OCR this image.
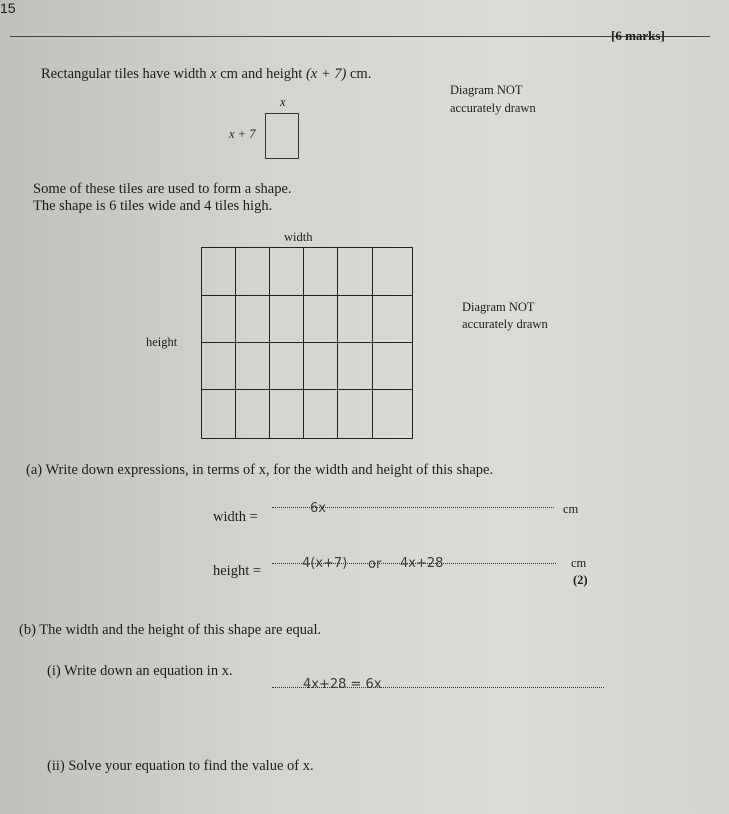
15
[6 marks]
Rectangular tiles have width x cm and height (x + 7) cm.
x
x + 7
Diagram NOT
accurately drawn
Some of these tiles are used to form a shape.
The shape is 6 tiles wide and 4 tiles high.
width
height
Diagram NOT
accurately drawn
(a) Write down expressions, in terms of x, for the width and height of this shape.
width =
6x	cm
height =	4(x+7) or 4x+28	cm
(2)
(b) The width and the height of this shape are equal.
(i) Write down an equation in x.
4x+28 = 6x
(ii) Solve your equation to find the value of x.
